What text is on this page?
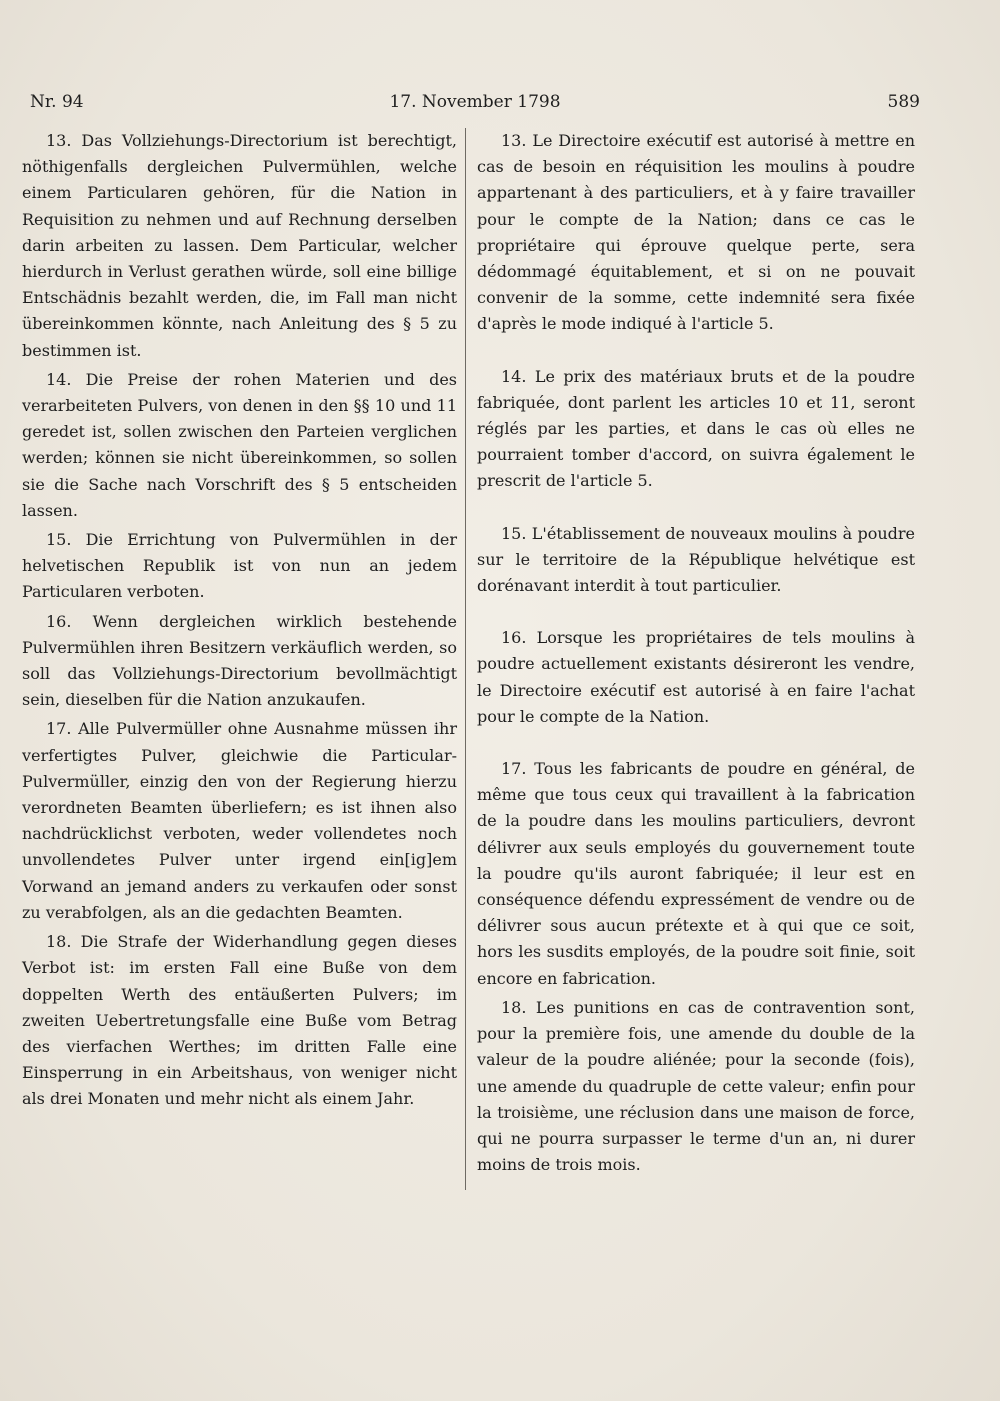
Nr. 94	17. November 1798	589

13. Das Vollziehungs-Directorium ist berechtigt, nöthigenfalls dergleichen Pulvermühlen, welche einem Particularen gehören, für die Nation in Requisition zu nehmen und auf Rechnung derselben darin arbeiten zu lassen. Dem Particular, welcher hierdurch in Verlust gerathen würde, soll eine billige Entschädnis bezahlt werden, die, im Fall man nicht übereinkommen könnte, nach Anleitung des § 5 zu bestimmen ist.

14. Die Preise der rohen Materien und des verarbeiteten Pulvers, von denen in den §§ 10 und 11 geredet ist, sollen zwischen den Parteien verglichen werden; können sie nicht übereinkommen, so sollen sie die Sache nach Vorschrift des § 5 entscheiden lassen.

15. Die Errichtung von Pulvermühlen in der helvetischen Republik ist von nun an jedem Particularen verboten.

16. Wenn dergleichen wirklich bestehende Pulvermühlen ihren Besitzern verkäuflich werden, so soll das Vollziehungs-Directorium bevollmächtigt sein, dieselben für die Nation anzukaufen.

17. Alle Pulvermüller ohne Ausnahme müssen ihr verfertigtes Pulver, gleichwie die Particular-Pulvermüller, einzig den von der Regierung hierzu verordneten Beamten überliefern; es ist ihnen also nachdrücklichst verboten, weder vollendetes noch unvollendetes Pulver unter irgend ein[ig]em Vorwand an jemand anders zu verkaufen oder sonst zu verabfolgen, als an die gedachten Beamten.

18. Die Strafe der Widerhandlung gegen dieses Verbot ist: im ersten Fall eine Buße von dem doppelten Werth des entäußerten Pulvers; im zweiten Uebertretungsfalle eine Buße vom Betrag des vierfachen Werthes; im dritten Falle eine Einsperrung in ein Arbeitshaus, von weniger nicht als drei Monaten und mehr nicht als einem Jahr.

13. Le Directoire exécutif est autorisé à mettre en cas de besoin en réquisition les moulins à poudre appartenant à des particuliers, et à y faire travailler pour le compte de la Nation; dans ce cas le propriétaire qui éprouve quelque perte, sera dédommagé équitablement, et si on ne pouvait convenir de la somme, cette indemnité sera fixée d'après le mode indiqué à l'article 5.

14. Le prix des matériaux bruts et de la poudre fabriquée, dont parlent les articles 10 et 11, seront réglés par les parties, et dans le cas où elles ne pourraient tomber d'accord, on suivra également le prescrit de l'article 5.

15. L'établissement de nouveaux moulins à poudre sur le territoire de la République helvétique est dorénavant interdit à tout particulier.

16. Lorsque les propriétaires de tels moulins à poudre actuellement existants désireront les vendre, le Directoire exécutif est autorisé à en faire l'achat pour le compte de la Nation.

17. Tous les fabricants de poudre en général, de même que tous ceux qui travaillent à la fabrication de la poudre dans les moulins particuliers, devront délivrer aux seuls employés du gouvernement toute la poudre qu'ils auront fabriquée; il leur est en conséquence défendu expressément de vendre ou de délivrer sous aucun prétexte et à qui que ce soit, hors les susdits employés, de la poudre soit finie, soit encore en fabrication.

18. Les punitions en cas de contravention sont, pour la première fois, une amende du double de la valeur de la poudre aliénée; pour la seconde (fois), une amende du quadruple de cette valeur; enfin pour la troisième, une réclusion dans une maison de force, qui ne pourra surpasser le terme d'un an, ni durer moins de trois mois.
